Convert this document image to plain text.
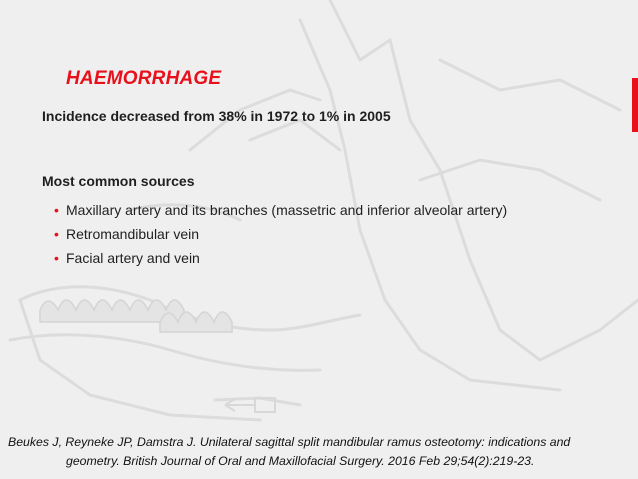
HAEMORRHAGE
Incidence decreased from 38% in 1972 to 1% in 2005
Most common sources
• Maxillary artery and its branches (massetric and inferior alveolar artery)
• Retromandibular vein
• Facial artery and vein
Beukes J, Reyneke JP, Damstra J. Unilateral sagittal split mandibular ramus osteotomy: indications and
geometry. British Journal of Oral and Maxillofacial Surgery. 2016 Feb 29;54(2):219-23.
